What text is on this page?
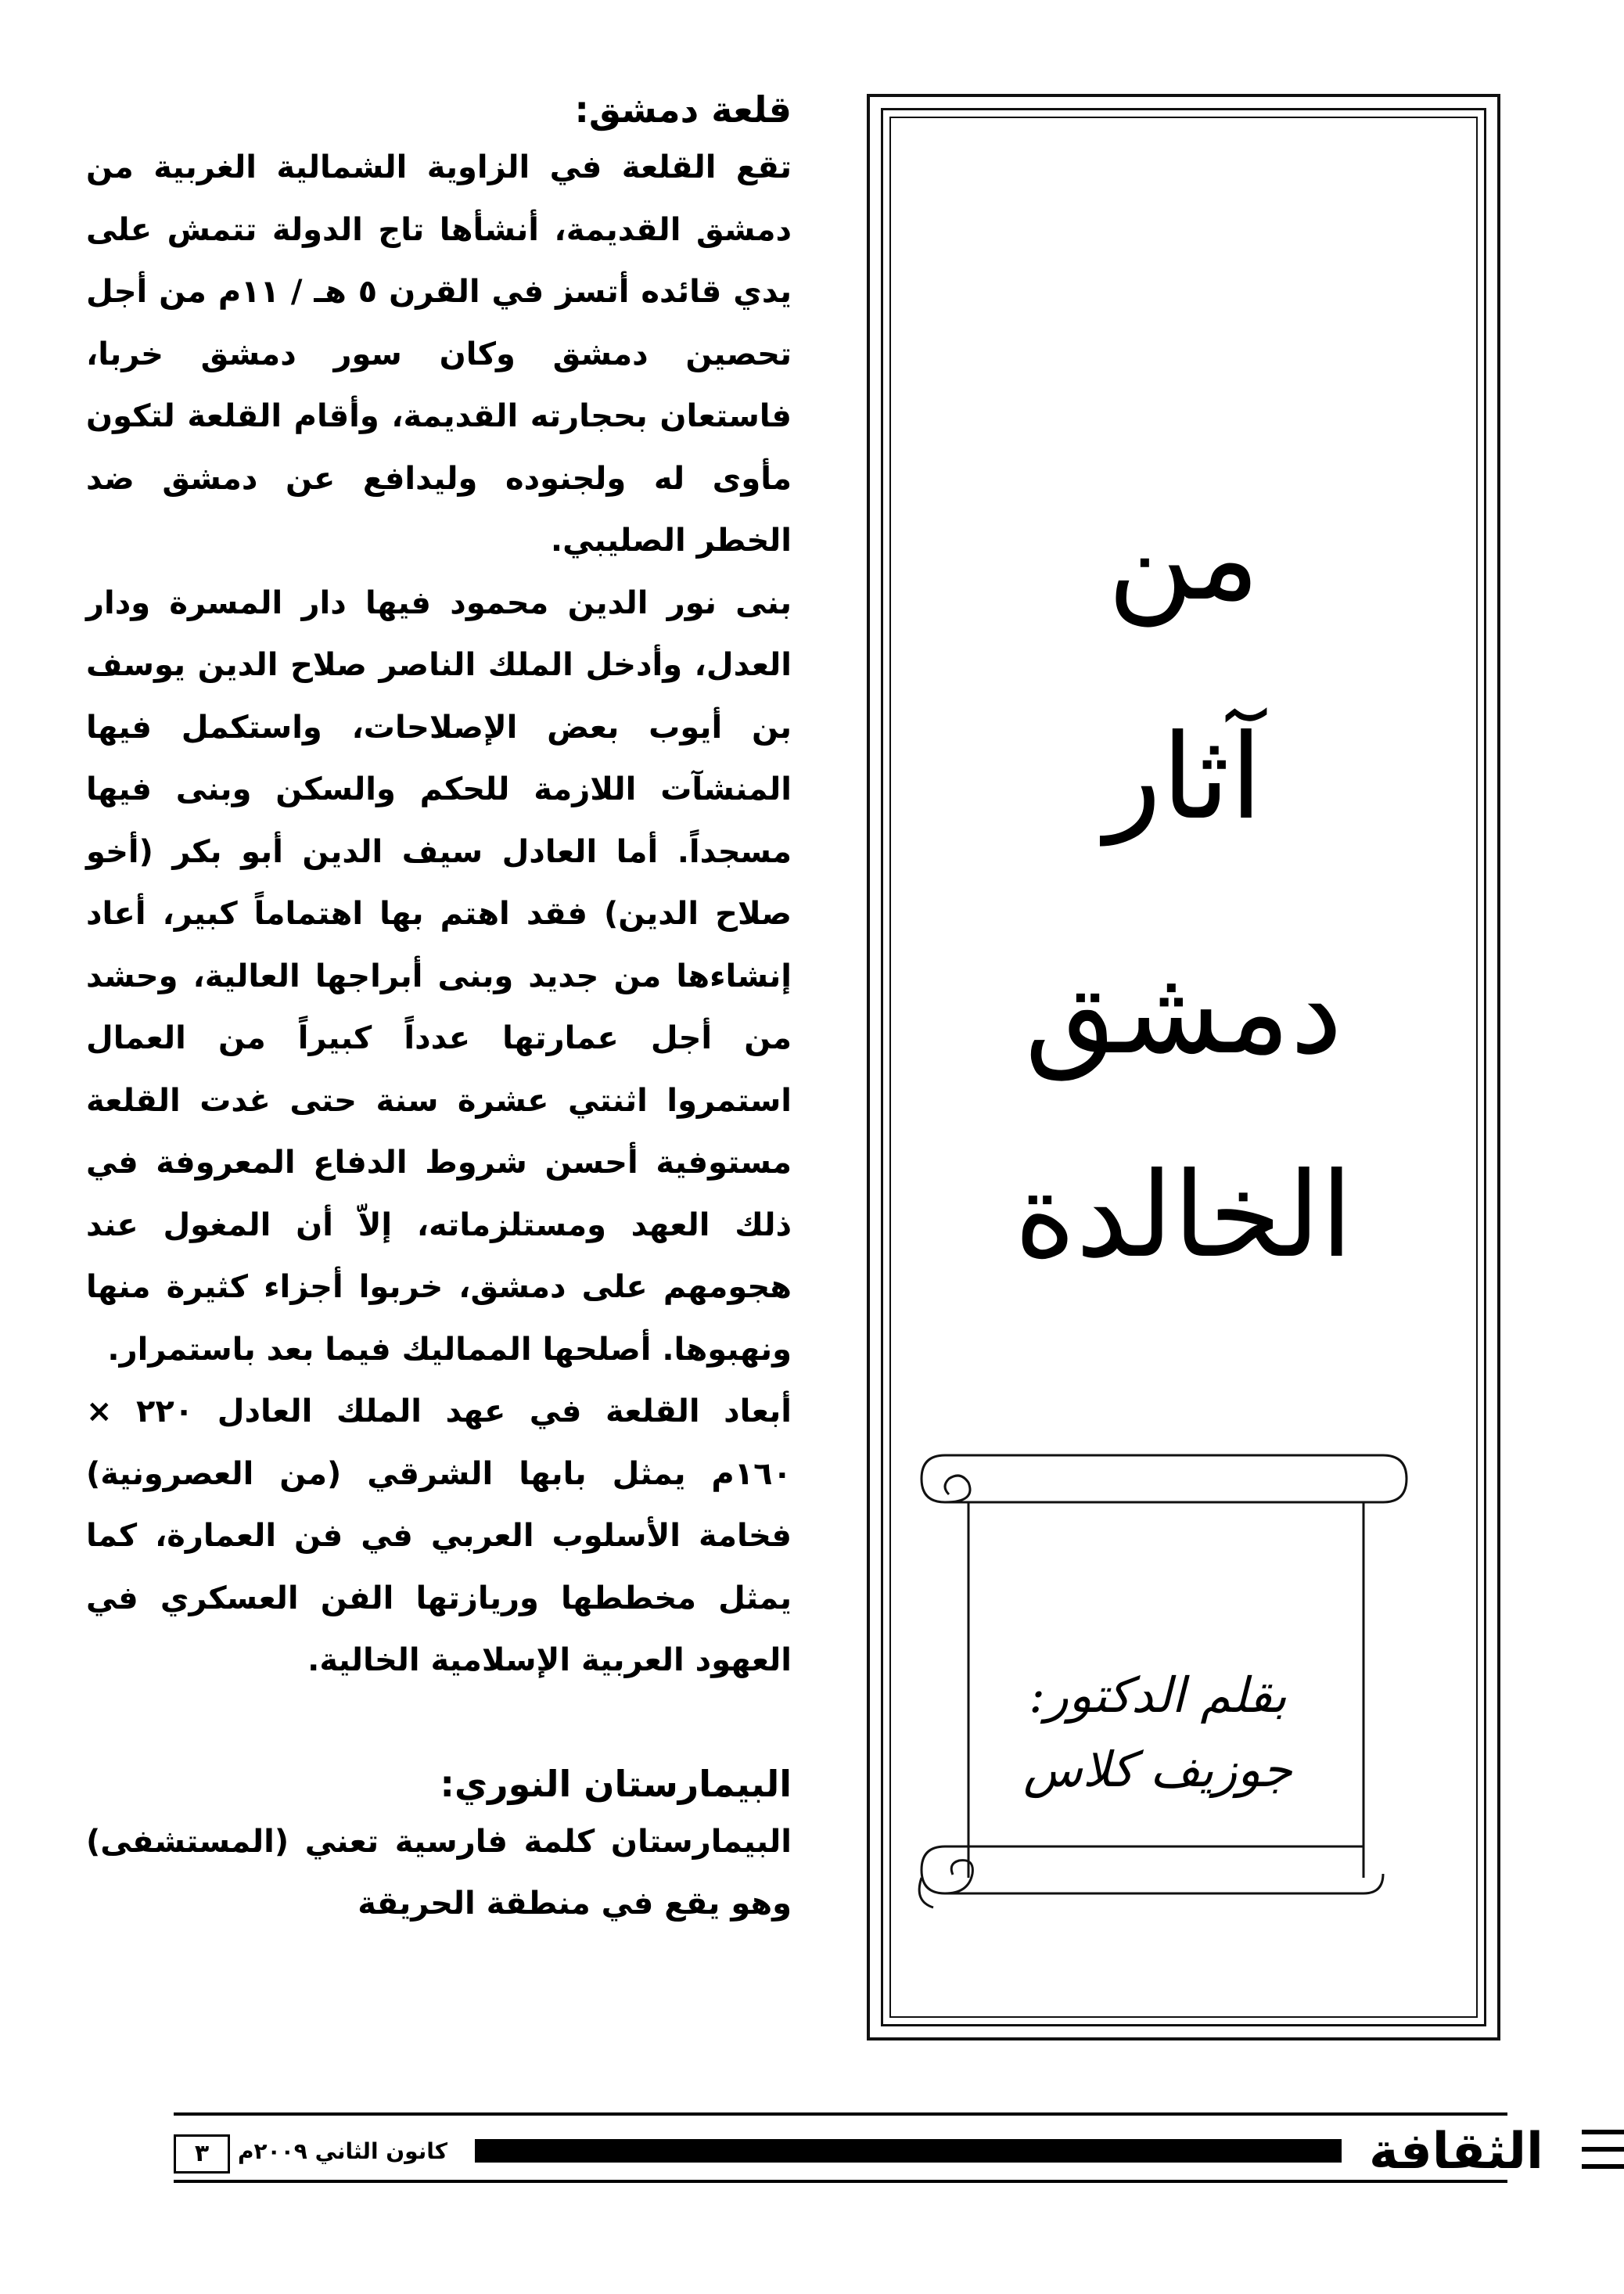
قلعة دمشق:

تقع القلعة في الزاوية الشمالية الغربية من دمشق القديمة، أنشأها تاج الدولة تتمش على يدي قائده أتسز في القرن ٥ هـ / ١١م من أجل تحصين دمشق وكان سور دمشق خربا، فاستعان بحجارته القديمة، وأقام القلعة لتكون مأوى له ولجنوده وليدافع عن دمشق ضد الخطر الصليبي.

بنى نور الدين محمود فيها دار المسرة ودار العدل، وأدخل الملك الناصر صلاح الدين يوسف بن أيوب بعض الإصلاحات، واستكمل فيها المنشآت اللازمة للحكم والسكن وبنى فيها مسجداً. أما العادل سيف الدين أبو بكر (أخو صلاح الدين) فقد اهتم بها اهتماماً كبير، أعاد إنشاءها من جديد وبنى أبراجها العالية، وحشد من أجل عمارتها عدداً كبيراً من العمال استمروا اثنتي عشرة سنة حتى غدت القلعة مستوفية أحسن شروط الدفاع المعروفة في ذلك العهد ومستلزماته، إلاّ أن المغول عند هجومهم على دمشق، خربوا أجزاء كثيرة منها ونهبوها. أصلحها المماليك فيما بعد باستمرار.

أبعاد القلعة في عهد الملك العادل ٢٢٠ × ١٦٠م يمثل بابها الشرقي (من العصرونية) فخامة الأسلوب العربي في فن العمارة، كما يمثل مخططها وريازتها الفن العسكري في العهود العربية الإسلامية الخالية.

البيمارستان النوري:

البيمارستان كلمة فارسية تعني (المستشفى) وهو يقع في منطقة الحريقة

من
آثار
دمشق
الخالدة
بقلم الدكتور:
جوزيف كلاس
٣	كانون الثاني ٢٠٠٩م	الثقافة
